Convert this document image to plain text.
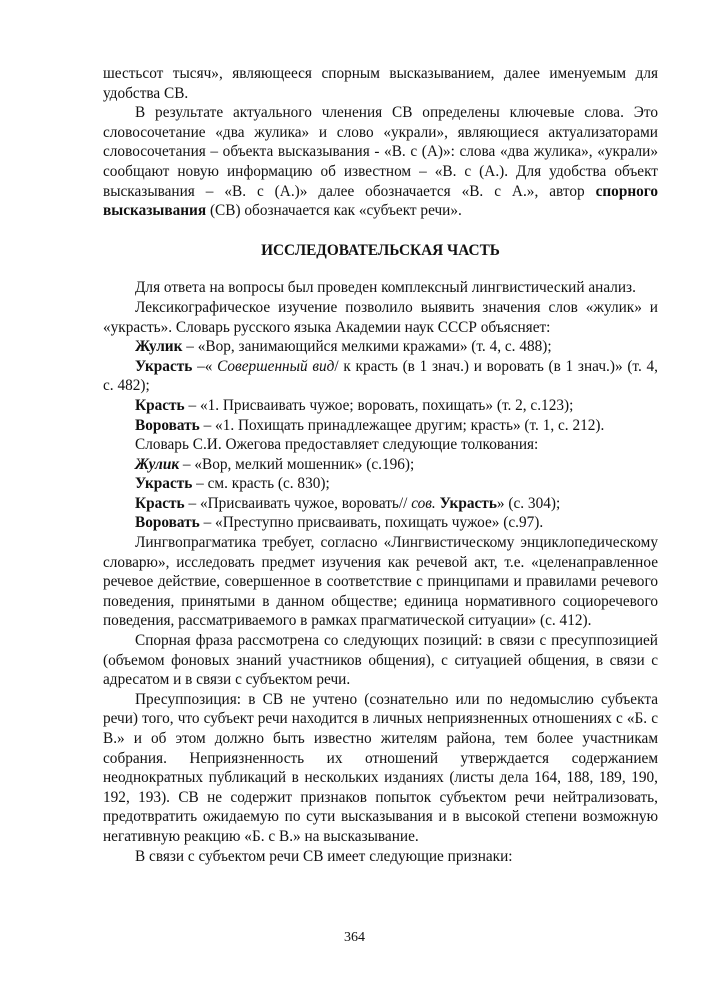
шестьсот тысяч», являющееся спорным высказыванием, далее именуемым для удобства СВ.

В результате актуального членения СВ определены ключевые слова. Это словосочетание «два жулика» и слово «украли», являющиеся актуализаторами словосочетания – объекта высказывания - «В. с (А)»: слова «два жулика», «украли» сообщают новую информацию об известном – «В. с (А.). Для удобства объект высказывания – «В. с (А.)» далее обозначается «В. с А.», автор спорного высказывания (СВ) обозначается как «субъект речи».

ИССЛЕДОВАТЕЛЬСКАЯ ЧАСТЬ

Для ответа на вопросы был проведен комплексный лингвистический анализ.

Лексикографическое изучение позволило выявить значения слов «жулик» и «украсть». Словарь русского языка Академии наук СССР объясняет:

Жулик – «Вор, занимающийся мелкими кражами» (т. 4, с. 488);

Украсть –« Совершенный вид/ к красть (в 1 знач.) и воровать (в 1 знач.)» (т. 4, с. 482);

Красть – «1. Присваивать чужое; воровать, похищать» (т. 2, с.123);

Воровать – «1. Похищать принадлежащее другим; красть» (т. 1, с. 212).

Словарь С.И. Ожегова предоставляет следующие толкования:

Жулик – «Вор, мелкий мошенник» (с.196);

Украсть – см. красть (с. 830);

Красть – «Присваивать чужое, воровать// сов. Украсть» (с. 304);

Воровать – «Преступно присваивать, похищать чужое» (с.97).

Лингвопрагматика требует, согласно «Лингвистическому энциклопедическому словарю», исследовать предмет изучения как речевой акт, т.е. «целенаправленное речевое действие, совершенное в соответствие с принципами и правилами речевого поведения, принятыми в данном обществе; единица нормативного социоречевого поведения, рассматриваемого в рамках прагматической ситуации» (с. 412).

Спорная фраза рассмотрена со следующих позиций: в связи с пресуппозицией (объемом фоновых знаний участников общения), с ситуацией общения, в связи с адресатом и в связи с субъектом речи.

Пресуппозиция: в СВ не учтено (сознательно или по недомыслию субъекта речи) того, что субъект речи находится в личных неприязненных отношениях с «Б. с В.» и об этом должно быть известно жителям района, тем более участникам собрания. Неприязненность их отношений утверждается содержанием неоднократных публикаций в нескольких изданиях (листы дела 164, 188, 189, 190, 192, 193). СВ не содержит признаков попыток субъектом речи нейтрализовать, предотвратить ожидаемую по сути высказывания и в высокой степени возможную негативную реакцию «Б. с В.» на высказывание.

В связи с субъектом речи СВ имеет следующие признаки:

364
